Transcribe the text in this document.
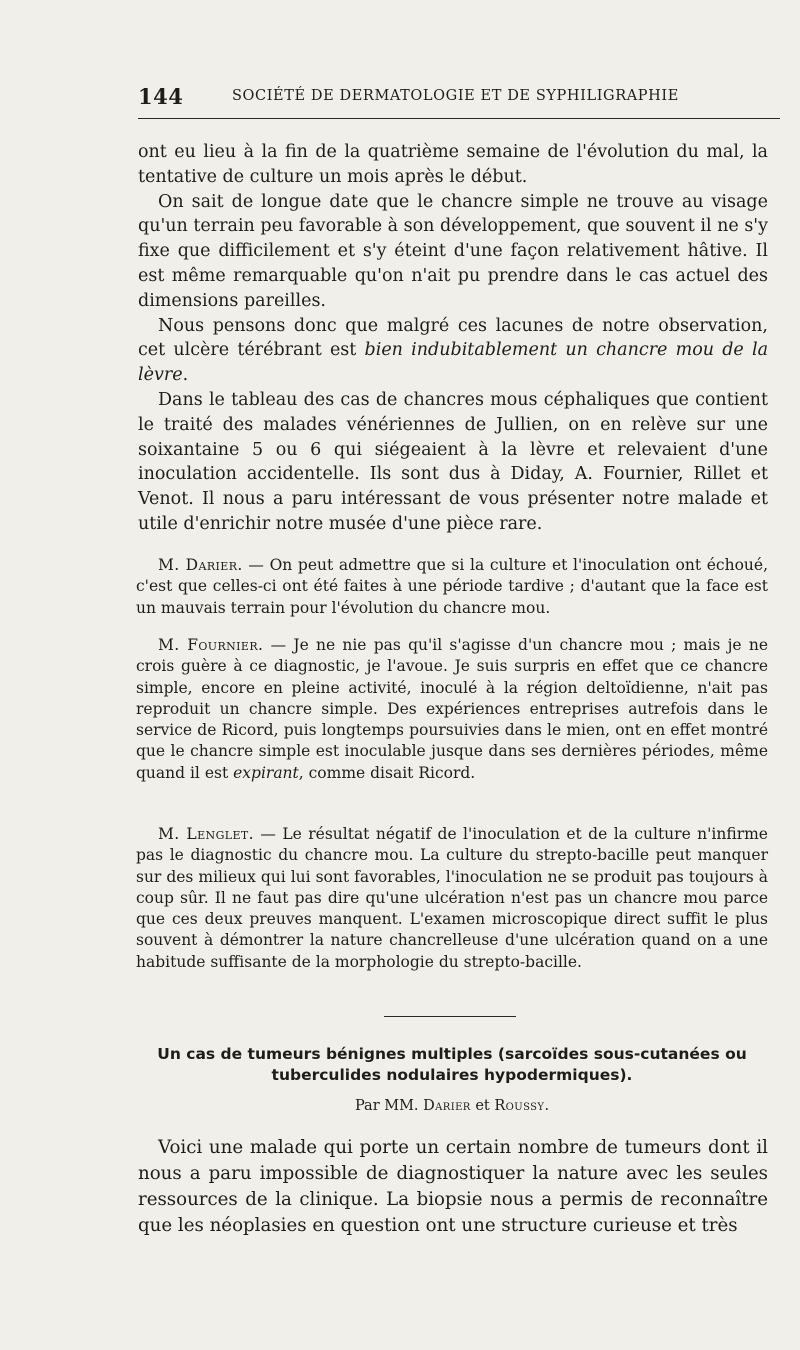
144	SOCIÉTÉ DE DERMATOLOGIE ET DE SYPHILIGRAPHIE

ont eu lieu à la fin de la quatrième semaine de l'évolution du mal, la tentative de culture un mois après le début.

On sait de longue date que le chancre simple ne trouve au visage qu'un terrain peu favorable à son développement, que souvent il ne s'y fixe que difficilement et s'y éteint d'une façon relativement hâtive. Il est même remarquable qu'on n'ait pu prendre dans le cas actuel des dimensions pareilles.

Nous pensons donc que malgré ces lacunes de notre observation, cet ulcère térébrant est bien indubitablement un chancre mou de la lèvre.

Dans le tableau des cas de chancres mous céphaliques que contient le traité des malades vénériennes de Jullien, on en relève sur une soixantaine 5 ou 6 qui siégeaient à la lèvre et relevaient d'une inoculation accidentelle. Ils sont dus à Diday, A. Fournier, Rillet et Venot. Il nous a paru intéressant de vous présenter notre malade et utile d'enrichir notre musée d'une pièce rare.

M. Darier. — On peut admettre que si la culture et l'inoculation ont échoué, c'est que celles-ci ont été faites à une période tardive ; d'autant que la face est un mauvais terrain pour l'évolution du chancre mou.

M. Fournier. — Je ne nie pas qu'il s'agisse d'un chancre mou ; mais je ne crois guère à ce diagnostic, je l'avoue. Je suis surpris en effet que ce chancre simple, encore en pleine activité, inoculé à la région deltoïdienne, n'ait pas reproduit un chancre simple. Des expériences entreprises autrefois dans le service de Ricord, puis longtemps poursuivies dans le mien, ont en effet montré que le chancre simple est inoculable jusque dans ses dernières périodes, même quand il est expirant, comme disait Ricord.

M. Lenglet. — Le résultat négatif de l'inoculation et de la culture n'infirme pas le diagnostic du chancre mou. La culture du strepto-bacille peut manquer sur des milieux qui lui sont favorables, l'inoculation ne se produit pas toujours à coup sûr. Il ne faut pas dire qu'une ulcération n'est pas un chancre mou parce que ces deux preuves manquent. L'examen microscopique direct suffit le plus souvent à démontrer la nature chancrelleuse d'une ulcération quand on a une habitude suffisante de la morphologie du strepto-bacille.

Un cas de tumeurs bénignes multiples (sarcoïdes sous-cutanées ou tuberculides nodulaires hypodermiques).
Par MM. Darier et Roussy.

Voici une malade qui porte un certain nombre de tumeurs dont il nous a paru impossible de diagnostiquer la nature avec les seules ressources de la clinique. La biopsie nous a permis de reconnaître que les néoplasies en question ont une structure curieuse et très
